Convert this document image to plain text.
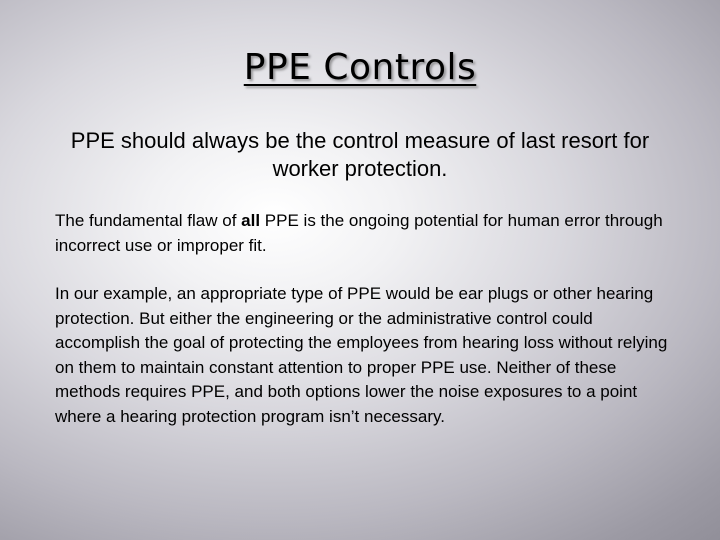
PPE Controls

PPE should always be the control measure of last resort for worker protection.

The fundamental flaw of all PPE is the ongoing potential for human error through incorrect use or improper fit.

In our example, an appropriate type of PPE would be ear plugs or other hearing protection. But either the engineering or the administrative control could accomplish the goal of protecting the employees from hearing loss without relying on them to maintain constant attention to proper PPE use. Neither of these methods requires PPE, and both options lower the noise exposures to a point where a hearing protection program isn’t necessary.
